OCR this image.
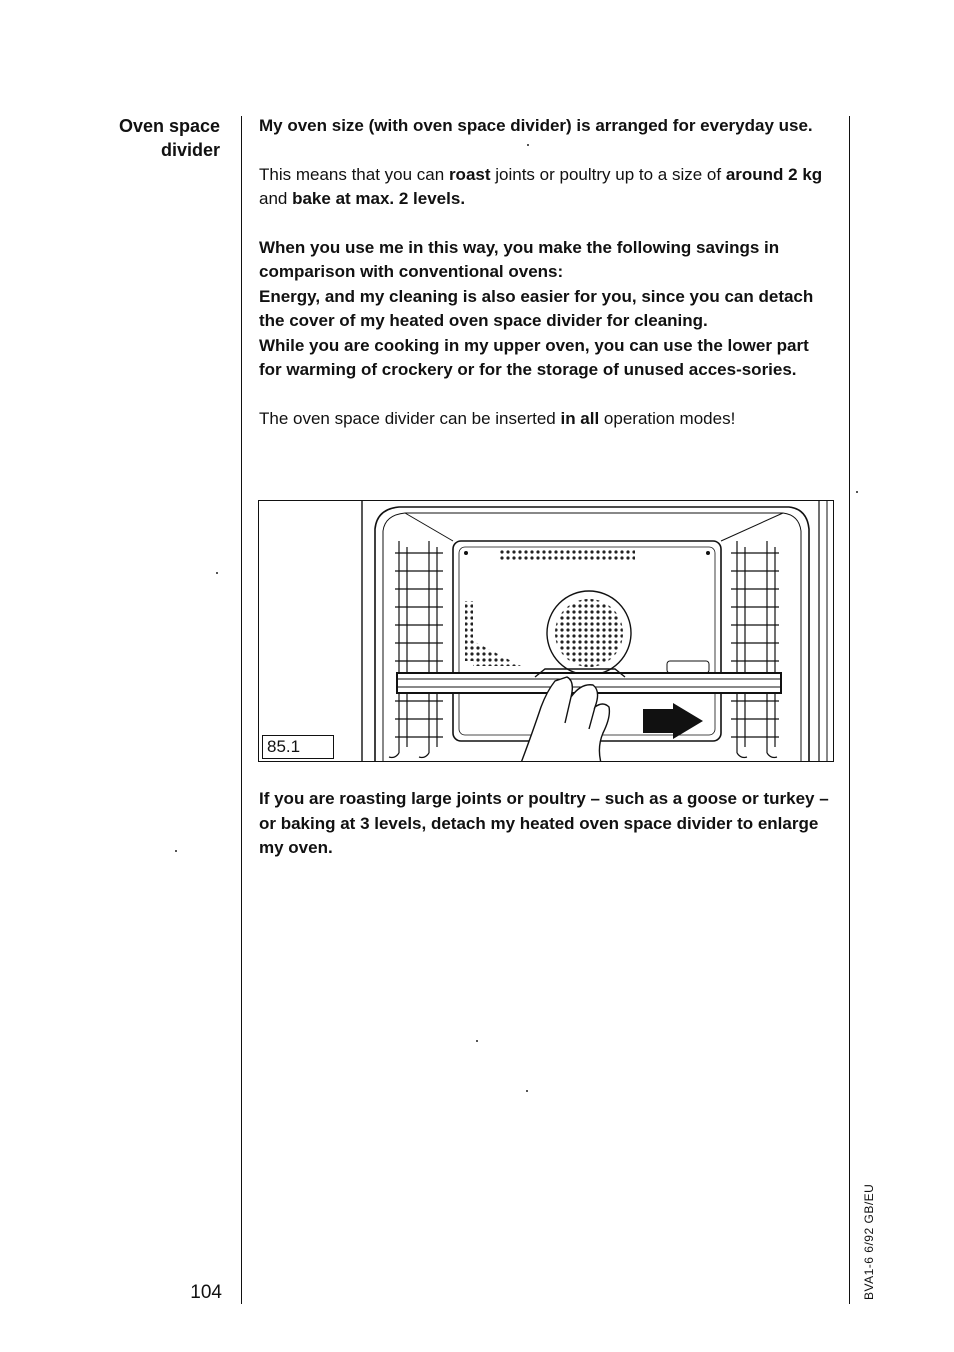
Oven space
divider

My oven size (with oven space divider) is arranged for everyday use.

This means that you can roast joints or poultry up to a size of around 2 kg and bake at max. 2 levels.

When you use me in this way, you make the following savings in comparison with conventional ovens:

Energy, and my cleaning is also easier for you, since you can detach the cover of my heated oven space divider for cleaning.

While you are cooking in my upper oven, you can use the lower part for warming of crockery or for the storage of unused acces-sories.

The oven space divider can be inserted in all operation modes!

85.1

If you are roasting large joints or poultry – such as a goose or turkey – or baking at 3 levels, detach my heated oven space divider to enlarge my oven.

104	BVA1-6 6/92 GB/EU
